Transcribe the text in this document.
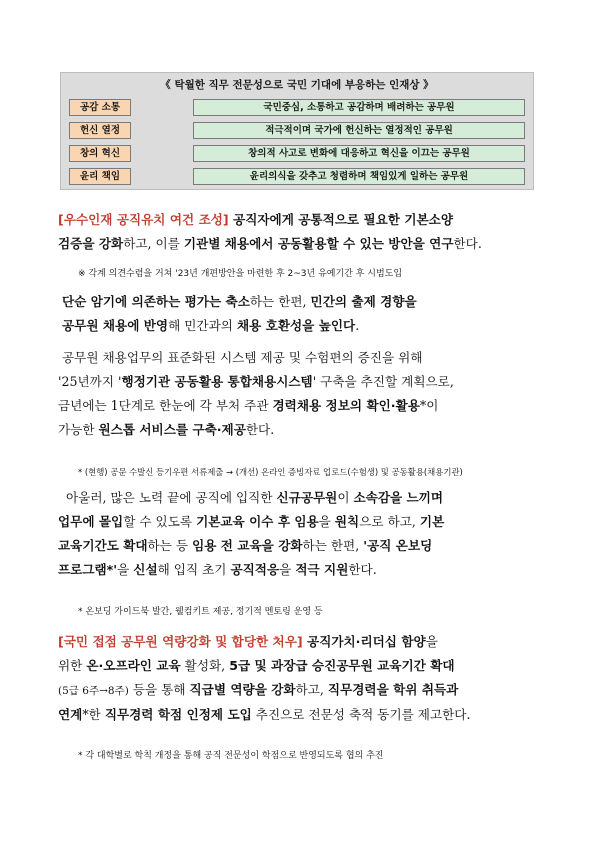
《 탁월한 직무 전문성으로 국민 기대에 부응하는 인재상 》
공감 소통	국민중심, 소통하고 공감하며 배려하는 공무원
헌신 열정	적극적이며 국가에 헌신하는 열정적인 공무원
창의 혁신	창의적 사고로 변화에 대응하고 혁신을 이끄는 공무원
윤리 책임	윤리의식을 갖추고 청렴하며 책임있게 일하는 공무원
[우수인재 공직유치 여건 조성] 공직자에게 공통적으로 필요한 기본소양
검증을 강화하고, 이를 기관별 채용에서 공동활용할 수 있는 방안을 연구한다.
※ 각계 의견수렴을 거쳐 '23년 개편방안을 마련한 후 2~3년 유예기간 후 시범도입
단순 암기에 의존하는 평가는 축소하는 한편, 민간의 출제 경향을
공무원 채용에 반영해 민간과의 채용 호환성을 높인다.
공무원 채용업무의 표준화된 시스템 제공 및 수험편의 증진을 위해
'25년까지 '행정기관 공동활용 통합채용시스템' 구축을 추진할 계획으로,
금년에는 1단계로 한눈에 각 부처 주관 경력채용 정보의 확인·활용*이
가능한 원스톱 서비스를 구축·제공한다.
* (현행) 공문 수발신 등기우편 서류제출 → (개선) 온라인 증빙자료 업로드(수험생) 및 공동활용(채용기관)
아울러, 많은 노력 끝에 공직에 입직한 신규공무원이 소속감을 느끼며
업무에 몰입할 수 있도록 기본교육 이수 후 임용을 원칙으로 하고, 기본
교육기간도 확대하는 등 임용 전 교육을 강화하는 한편, '공직 온보딩
프로그램*'을 신설해 입직 초기 공직적응을 적극 지원한다.
* 온보딩 가이드북 발간, 웰컴키트 제공, 정기적 멘토링 운영 등
[국민 접점 공무원 역량강화 및 합당한 처우] 공직가치·리더십 함양을
위한 온·오프라인 교육 활성화, 5급 및 과장급 승진공무원 교육기간 확대
(5급 6주→8주) 등을 통해 직급별 역량을 강화하고, 직무경력을 학위 취득과
연계*한 직무경력 학점 인정제 도입 추진으로 전문성 축적 동기를 제고한다.
* 각 대학별로 학칙 개정을 통해 공직 전문성이 학점으로 반영되도록 협의 추진
